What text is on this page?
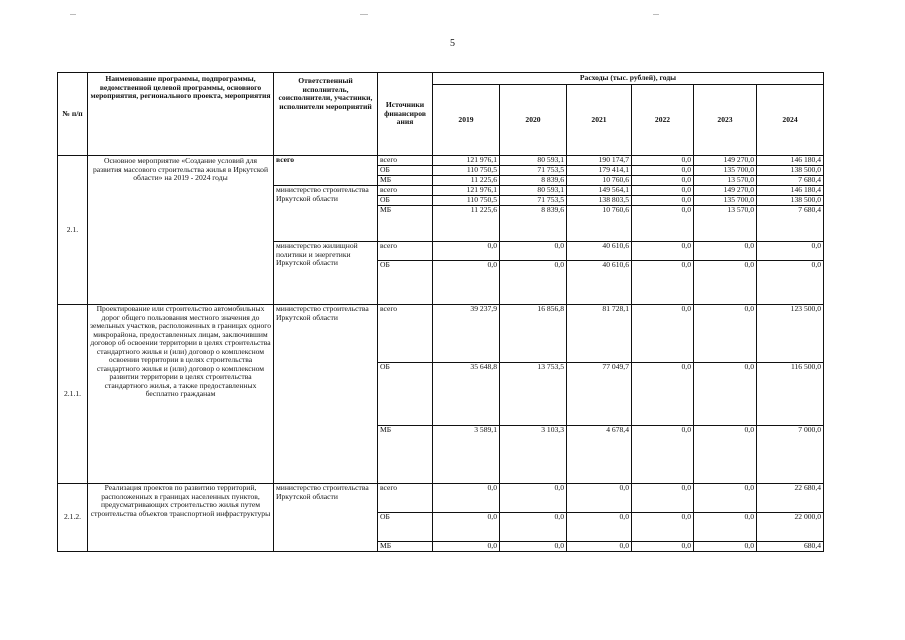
5
№ п/п	Наименование программы, подпрограммы, ведомственной целевой программы, основного мероприятия, регионального проекта, мероприятия	Ответственный исполнитель, соисполнители, участники, исполнители мероприятий	Источники финансиров ания	Расходы (тыс. рублей), годы					
				2019	2020	2021	2022	2023	2024
2.1.	Основное мероприятие «Создание условий для развития массового строительства жилья в Иркутской области» на 2019 - 2024 годы	всего	всего	121 976,1	80 593,1	190 174,7	0,0	149 270,0	146 180,4
			ОБ	110 750,5	71 753,5	179 414,1	0,0	135 700,0	138 500,0
			МБ	11 225,6	8 839,6	10 760,6	0,0	13 570,0	7 680,4
		министерство строительства Иркутской области	всего	121 976,1	80 593,1	149 564,1	0,0	149 270,0	146 180,4
			ОБ	110 750,5	71 753,5	138 803,5	0,0	135 700,0	138 500,0
			МБ	11 225,6	8 839,6	10 760,6	0,0	13 570,0	7 680,4
		министерство жилищной политики и энергетики Иркутской области	всего	0,0	0,0	40 610,6	0,0	0,0	0,0
			ОБ	0,0	0,0	40 610,6	0,0	0,0	0,0
2.1.1.	Проектирование или строительство автомобильных дорог общего пользования местного значения до земельных участков, расположенных в границах одного микрорайона, предоставленных лицам, заключившим договор об освоении территории в целях строительства стандартного жилья и (или) договор о комплексном освоении территории в целях строительства стандартного жилья и (или) договор о комплексном развитии территории в целях строительства стандартного жилья, а также предоставленных бесплатно гражданам	министерство строительства Иркутской области	всего	39 237,9	16 856,8	81 728,1	0,0	0,0	123 500,0
			ОБ	35 648,8	13 753,5	77 049,7	0,0	0,0	116 500,0
			МБ	3 589,1	3 103,3	4 678,4	0,0	0,0	7 000,0
2.1.2.	Реализация проектов по развитию территорий, расположенных в границах населенных пунктов, предусматривающих строительство жилья путем строительства объектов транспортной инфраструктуры	министерство строительства Иркутской области	всего	0,0	0,0	0,0	0,0	0,0	22 680,4
			ОБ	0,0	0,0	0,0	0,0	0,0	22 000,0
			МБ	0,0	0,0	0,0	0,0	0,0	680,4
